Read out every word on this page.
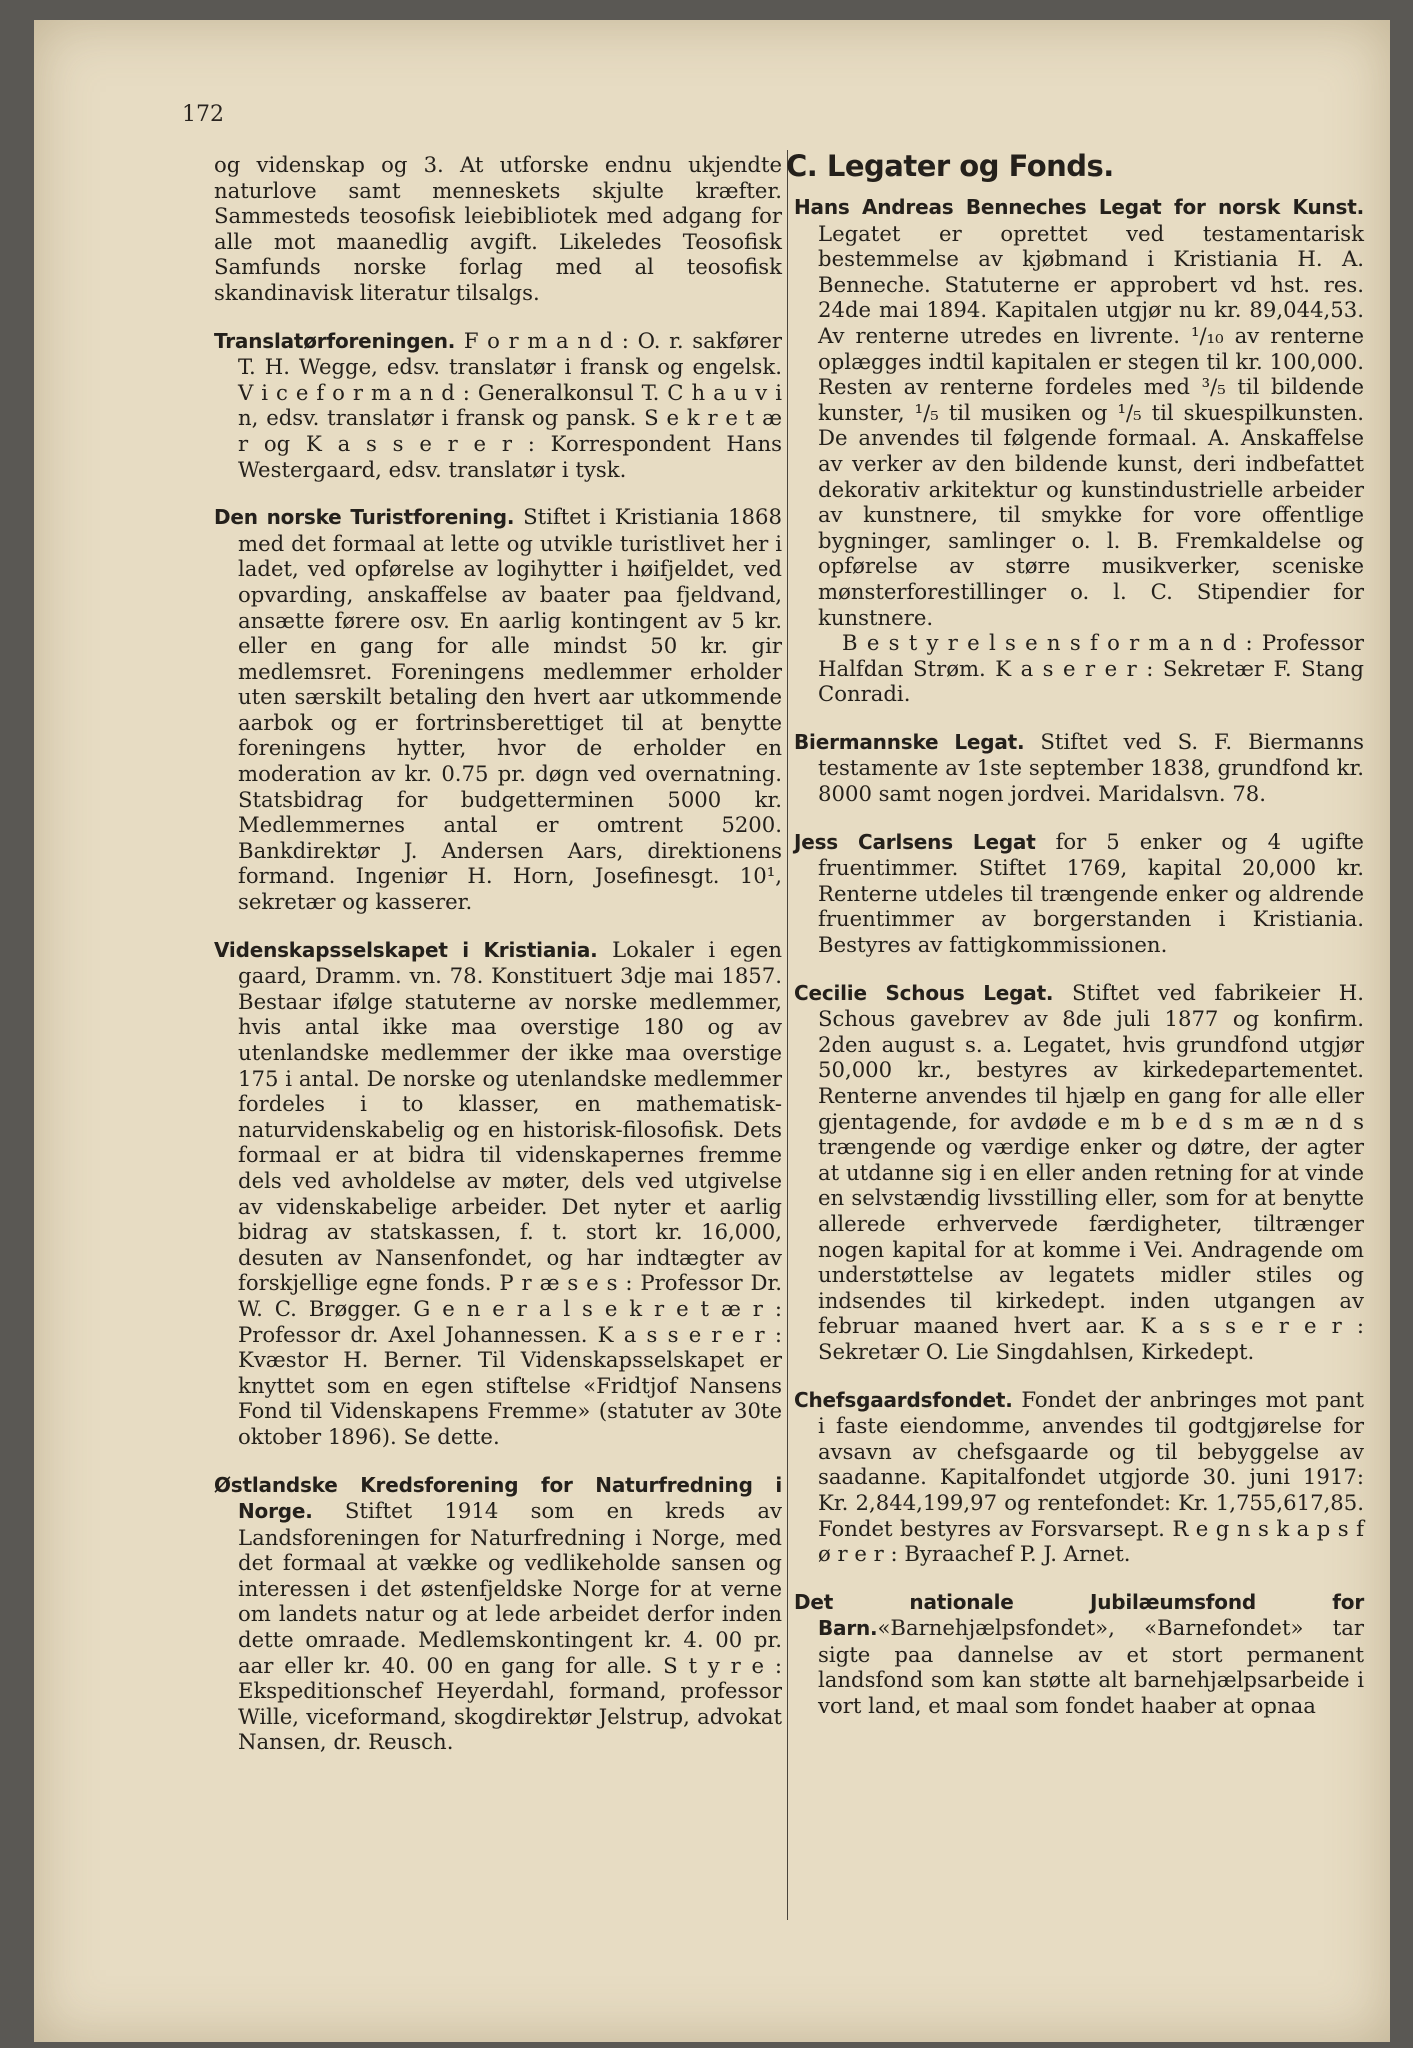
172

og videnskap og 3. At utforske endnu ukjendte naturlove samt menneskets skjulte kræfter. Sammesteds teosofisk leiebibliotek med adgang for alle mot maanedlig avgift. Likeledes Teosofisk Samfunds norske forlag med al teosofisk skandinavisk literatur tilsalgs.

Translatørforeningen. F o r m a n d : O. r. sakfører T. H. Wegge, edsv. translatør i fransk og engelsk. V i c e f o r m a n d : Generalkonsul T. C h a u v i n, edsv. translatør i fransk og pansk. S e k r e t æ r og K a s s e r e r : Korrespondent Hans Westergaard, edsv. translatør i tysk.

Den norske Turistforening. Stiftet i Kristiania 1868 med det formaal at lette og utvikle turistlivet her i ladet, ved opførelse av logihytter i høifjeldet, ved opvarding, anskaffelse av baater paa fjeldvand, ansætte førere osv. En aarlig kontingent av 5 kr. eller en gang for alle mindst 50 kr. gir medlemsret. Foreningens medlemmer erholder uten særskilt betaling den hvert aar utkommende aarbok og er fortrinsberettiget til at benytte foreningens hytter, hvor de erholder en moderation av kr. 0.75 pr. døgn ved overnatning. Statsbidrag for budgetterminen 5000 kr. Medlemmernes antal er omtrent 5200. Bankdirektør J. Andersen Aars, direktionens formand. Ingeniør H. Horn, Josefinesgt. 10¹, sekretær og kasserer.

Videnskapsselskapet i Kristiania. Lokaler i egen gaard, Dramm. vn. 78. Konstituert 3dje mai 1857. Bestaar ifølge statuterne av norske medlemmer, hvis antal ikke maa overstige 180 og av utenlandske medlemmer der ikke maa overstige 175 i antal. De norske og utenlandske medlemmer fordeles i to klasser, en mathematisk-naturvidenskabelig og en historisk-filosofisk. Dets formaal er at bidra til videnskapernes fremme dels ved avholdelse av møter, dels ved utgivelse av videnskabelige arbeider. Det nyter et aarlig bidrag av statskassen, f. t. stort kr. 16,000, desuten av Nansenfondet, og har indtægter av forskjellige egne fonds. P r æ s e s : Professor Dr. W. C. Brøgger. G e n e r a l s e k r e t æ r : Professor dr. Axel Johannessen. K a s s e r e r : Kvæstor H. Berner. Til Videnskapsselskapet er knyttet som en egen stiftelse «Fridtjof Nansens Fond til Videnskapens Fremme» (statuter av 30te oktober 1896). Se dette.

Østlandske Kredsforening for Naturfredning i Norge. Stiftet 1914 som en kreds av Landsforeningen for Naturfredning i Norge, med det formaal at vække og vedlikeholde sansen og interessen i det østenfjeldske Norge for at verne om landets natur og at lede arbeidet derfor inden dette omraade. Medlemskontingent kr. 4. 00 pr. aar eller kr. 40. 00 en gang for alle. S t y r e : Ekspeditionschef Heyerdahl, formand, professor Wille, viceformand, skogdirektør Jelstrup, advokat Nansen, dr. Reusch.

C. Legater og Fonds.

Hans Andreas Benneches Legat for norsk Kunst. Legatet er oprettet ved testamentarisk bestemmelse av kjøbmand i Kristiania H. A. Benneche. Statuterne er approbert vd hst. res. 24de mai 1894. Kapitalen utgjør nu kr. 89,044,53. Av renterne utredes en livrente. ¹/₁₀ av renterne oplægges indtil kapitalen er stegen til kr. 100,000. Resten av renterne fordeles med ³/₅ til bildende kunster, ¹/₅ til musiken og ¹/₅ til skuespilkunsten. De anvendes til følgende formaal. A. Anskaffelse av verker av den bildende kunst, deri indbefattet dekorativ arkitektur og kunstindustrielle arbeider av kunstnere, til smykke for vore offentlige bygninger, samlinger o. l. B. Fremkaldelse og opførelse av større musikverker, sceniske mønsterforestillinger o. l. C. Stipendier for kunstnere.

B e s t y r e l s e n s f o r m a n d : Professor Halfdan Strøm. K a s e r e r : Sekretær F. Stang Conradi.

Biermannske Legat. Stiftet ved S. F. Biermanns testamente av 1ste september 1838, grundfond kr. 8000 samt nogen jordvei. Maridalsvn. 78.

Jess Carlsens Legat for 5 enker og 4 ugifte fruentimmer. Stiftet 1769, kapital 20,000 kr. Renterne utdeles til trængende enker og aldrende fruentimmer av borgerstanden i Kristiania. Bestyres av fattigkommissionen.

Cecilie Schous Legat. Stiftet ved fabrikeier H. Schous gavebrev av 8de juli 1877 og konfirm. 2den august s. a. Legatet, hvis grundfond utgjør 50,000 kr., bestyres av kirkedepartementet. Renterne anvendes til hjælp en gang for alle eller gjentagende, for avdøde e m b e d s m æ n d s trængende og værdige enker og døtre, der agter at utdanne sig i en eller anden retning for at vinde en selvstændig livsstilling eller, som for at benytte allerede erhvervede færdigheter, tiltrænger nogen kapital for at komme i Vei. Andragende om understøttelse av legatets midler stiles og indsendes til kirkedept. inden utgangen av februar maaned hvert aar. K a s s e r e r : Sekretær O. Lie Singdahlsen, Kirkedept.

Chefsgaardsfondet. Fondet der anbringes mot pant i faste eiendomme, anvendes til godtgjørelse for avsavn av chefsgaarde og til bebyggelse av saadanne. Kapitalfondet utgjorde 30. juni 1917: Kr. 2,844,199,97 og rentefondet: Kr. 1,755,617,85. Fondet bestyres av Forsvarsept. R e g n s k a p s f ø r e r : Byraachef P. J. Arnet.

Det nationale Jubilæumsfond for Barn.«Barnehjælpsfondet», «Barnefondet» tar sigte paa dannelse av et stort permanent landsfond som kan støtte alt barnehjælpsarbeide i vort land, et maal som fondet haaber at opnaa
